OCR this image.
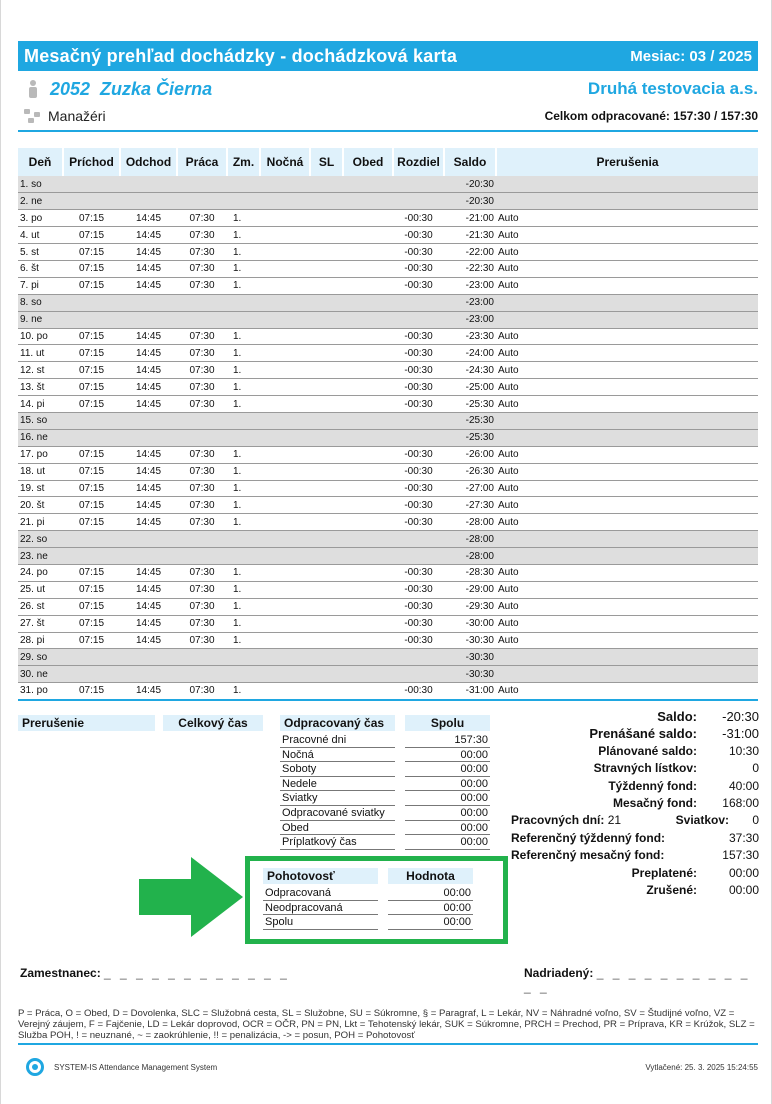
Mesačný prehľad dochádzky - dochádzková karta	Mesiac: 03 / 2025
2052  Zuzka Čierna	Druhá testovacia a.s.
Manažéri	Celkom odpracované: 157:30 / 157:30
Deň	Príchod	Odchod	Práca	Zm.	Nočná	SL	Obed	Rozdiel	Saldo	Prerušenia
1. so									-20:30	
2. ne									-20:30	
3. po	07:15	14:45	07:30	1.				-00:30	-21:00	Auto
4. ut	07:15	14:45	07:30	1.				-00:30	-21:30	Auto
5. st	07:15	14:45	07:30	1.				-00:30	-22:00	Auto
6. št	07:15	14:45	07:30	1.				-00:30	-22:30	Auto
7. pi	07:15	14:45	07:30	1.				-00:30	-23:00	Auto
8. so									-23:00	
9. ne									-23:00	
10. po	07:15	14:45	07:30	1.				-00:30	-23:30	Auto
11. ut	07:15	14:45	07:30	1.				-00:30	-24:00	Auto
12. st	07:15	14:45	07:30	1.				-00:30	-24:30	Auto
13. št	07:15	14:45	07:30	1.				-00:30	-25:00	Auto
14. pi	07:15	14:45	07:30	1.				-00:30	-25:30	Auto
15. so									-25:30	
16. ne									-25:30	
17. po	07:15	14:45	07:30	1.				-00:30	-26:00	Auto
18. ut	07:15	14:45	07:30	1.				-00:30	-26:30	Auto
19. st	07:15	14:45	07:30	1.				-00:30	-27:00	Auto
20. št	07:15	14:45	07:30	1.				-00:30	-27:30	Auto
21. pi	07:15	14:45	07:30	1.				-00:30	-28:00	Auto
22. so									-28:00	
23. ne									-28:00	
24. po	07:15	14:45	07:30	1.				-00:30	-28:30	Auto
25. ut	07:15	14:45	07:30	1.				-00:30	-29:00	Auto
26. st	07:15	14:45	07:30	1.				-00:30	-29:30	Auto
27. št	07:15	14:45	07:30	1.				-00:30	-30:00	Auto
28. pi	07:15	14:45	07:30	1.				-00:30	-30:30	Auto
29. so									-30:30	
30. ne									-30:30	
31. po	07:15	14:45	07:30	1.				-00:30	-31:00	Auto
Prerušenie	Celkový čas	Odpracovaný čas	Spolu
Pracovné dni	157:30
Nočná	00:00
Soboty	00:00
Nedele	00:00
Sviatky	00:00
Odpracované sviatky	00:00
Obed	00:00
Príplatkový čas	00:00
Pohotovosť	Hodnota
Odpracovaná	00:00
Neodpracovaná	00:00
Spolu	00:00
Saldo:	-20:30
Prenášané saldo:	-31:00
Plánované saldo:	10:30
Stravných lístkov:	0
Týždenný fond:	40:00
Mesačný fond:	168:00
Pracovných dní: 21	Sviatkov: 0
Referenčný týždenný fond:	37:30
Referenčný mesačný fond:	157:30
Preplatené:	00:00
Zrušené:	00:00
Zamestnanec: _ _ _ _ _ _ _ _ _ _ _ _	Nadriadený: _ _ _ _ _ _ _ _ _ _ _ _
P = Práca, O = Obed, D = Dovolenka, SLC = Služobná cesta, SL = Služobne, SU = Súkromne, § = Paragraf, L = Lekár, NV = Náhradné voľno, SV = Študijné voľno, VZ = Verejný záujem, F = Fajčenie, LD = Lekár doprovod, OCR = OČR, PN = PN, Lkt = Tehotenský lekár, SUK = Súkromne, PRCH = Prechod, PR = Príprava, KR = Krúžok, SLZ = Služba POH, ! = neuznané, ~ = zaokrúhlenie, !! = penalizácia, -> = posun, POH = Pohotovosť
SYSTEM-IS Attendance Management System	Vytlačené: 25. 3. 2025 15:24:55
